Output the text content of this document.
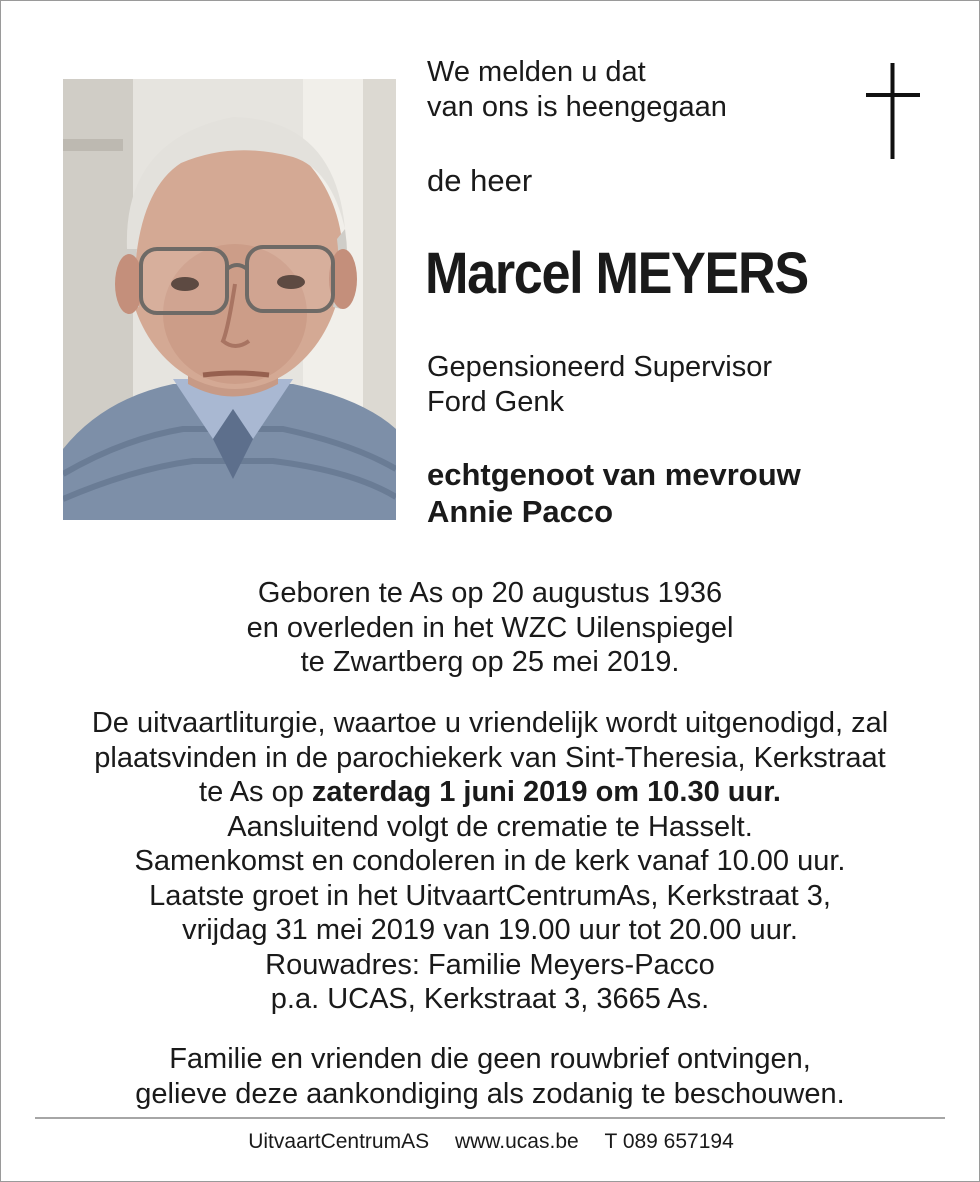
We melden u dat
van ons is heengegaan
de heer
Marcel MEYERS
Gepensioneerd Supervisor
Ford Genk
echtgenoot van mevrouw
Annie Pacco

Geboren te As op 20 augustus 1936

en overleden in het WZC Uilenspiegel

te Zwartberg op 25 mei 2019.

De uitvaartliturgie, waartoe u vriendelijk wordt uitgenodigd, zal

plaatsvinden in de parochiekerk van Sint-Theresia, Kerkstraat

te As op zaterdag 1 juni 2019 om 10.30 uur.

Aansluitend volgt de crematie te Hasselt.

Samenkomst en condoleren in de kerk vanaf 10.00 uur.

Laatste groet in het UitvaartCentrumAs, Kerkstraat 3,

vrijdag 31 mei 2019 van 19.00 uur tot 20.00 uur.

Rouwadres: Familie Meyers-Pacco

p.a. UCAS, Kerkstraat 3, 3665 As.

Familie en vrienden die geen rouwbrief ontvingen,

gelieve deze aankondiging als zodanig te beschouwen.

UitvaartCentrumAS www.ucas.be T 089 657194
